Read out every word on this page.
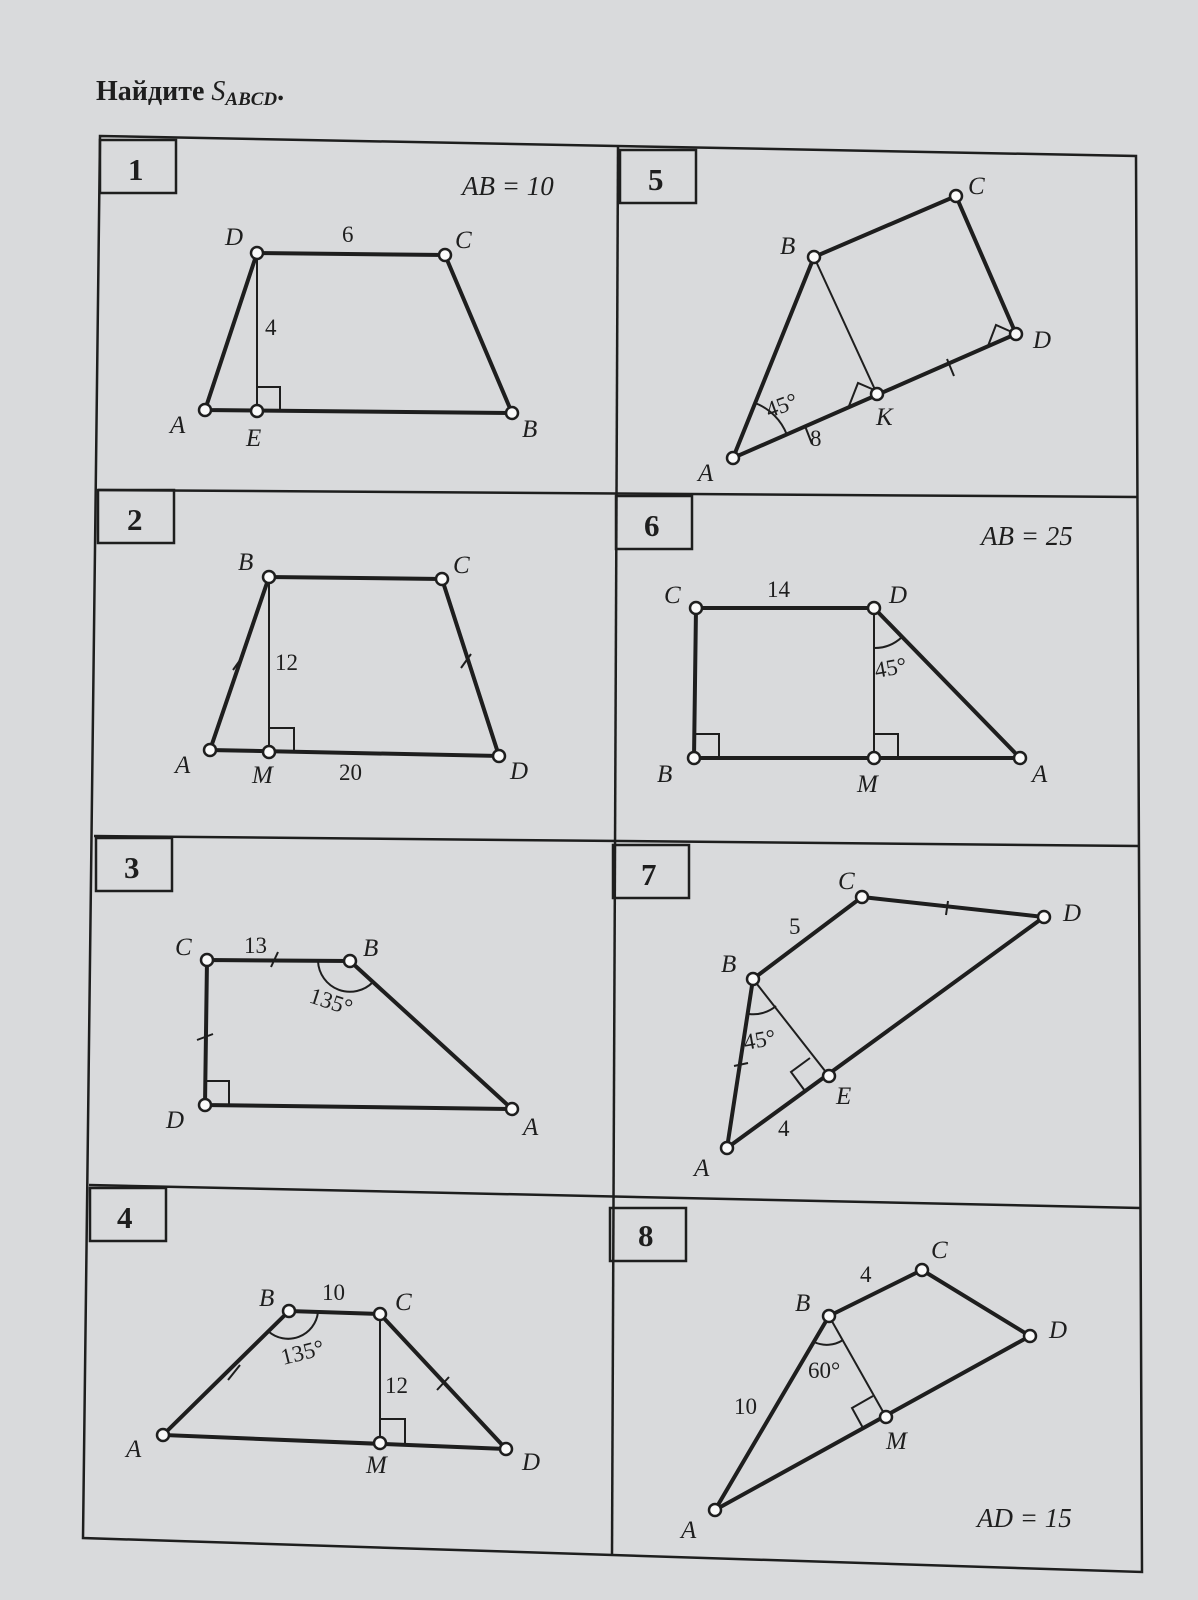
Найдите $S_{ABCD}$.
1
2
3
4
5
6
7
8
A E	B
C
D	6
4
AB = 10
A M	D
C
B
12
20
C	B
A
D
13
135°
A
B	C
D
M
10
12
135°
A
B
C
D
K
8
45°
C	D
A
B	M
14
45°
AB = 25
A
B
C
D
E
5
4
45°
A
B
C
D
M
4
10
60°
AD = 15
